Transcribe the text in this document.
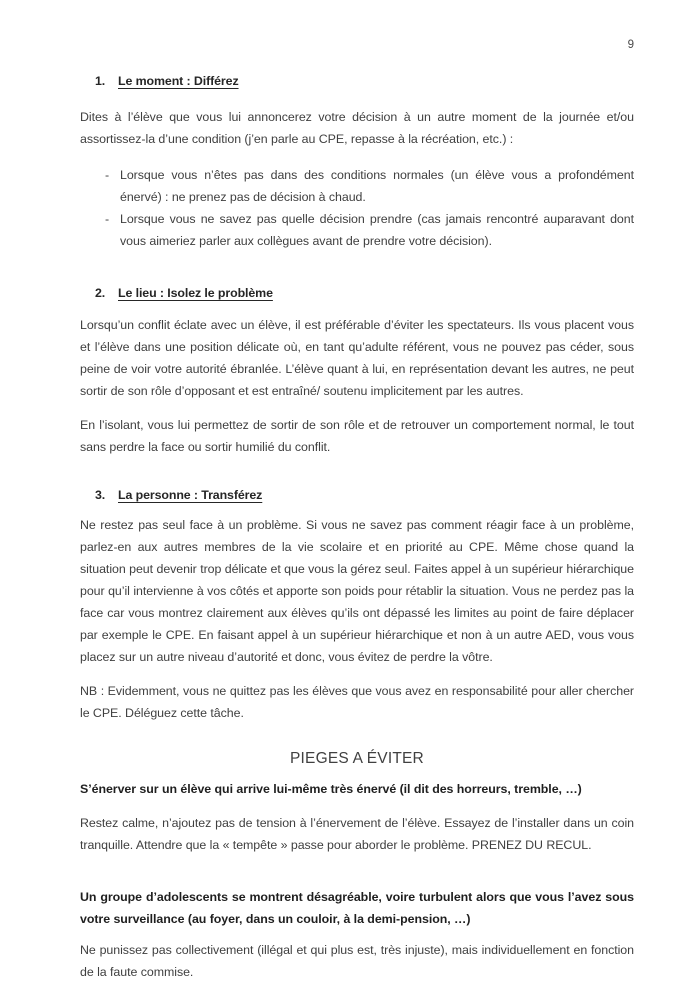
9
1.	Le moment : Différez

Dites à l’élève que vous lui annoncerez votre décision à un autre moment de la journée et/ou assortissez-la d’une condition (j’en parle au CPE, repasse à la récréation, etc.) :

- Lorsque vous n’êtes pas dans des conditions normales (un élève vous a profondément énervé) : ne prenez pas de décision à chaud.
- Lorsque vous ne savez pas quelle décision prendre (cas jamais rencontré auparavant dont vous aimeriez parler aux collègues avant de prendre votre décision).
2.	Le lieu : Isolez le problème

Lorsqu’un conflit éclate avec un élève, il est préférable d’éviter les spectateurs. Ils vous placent vous et l’élève dans une position délicate où, en tant qu’adulte référent, vous ne pouvez pas céder, sous peine de voir votre autorité ébranlée. L’élève quant à lui, en représentation devant les autres, ne peut sortir de son rôle d’opposant et est entraîné/ soutenu implicitement par les autres.

En l’isolant, vous lui permettez de sortir de son rôle et de retrouver un comportement normal, le tout sans perdre la face ou sortir humilié du conflit.

3.	La personne : Transférez

Ne restez pas seul face à un problème. Si vous ne savez pas comment réagir face à un problème, parlez-en aux autres membres de la vie scolaire et en priorité au CPE. Même chose quand la situation peut devenir trop délicate et que vous la gérez seul. Faites appel à un supérieur hiérarchique pour qu’il intervienne à vos côtés et apporte son poids pour rétablir la situation. Vous ne perdez pas la face car vous montrez clairement aux élèves qu’ils ont dépassé les limites au point de faire déplacer par exemple le CPE. En faisant appel à un supérieur hiérarchique et non à un autre AED, vous vous placez sur un autre niveau d’autorité et donc, vous évitez de perdre la vôtre.

NB : Evidemment, vous ne quittez pas les élèves que vous avez en responsabilité pour aller chercher le CPE. Déléguez cette tâche.

PIEGES A ÉVITER

S’énerver sur un élève qui arrive lui-même très énervé (il dit des horreurs, tremble, …)

Restez calme, n’ajoutez pas de tension à l’énervement de l’élève. Essayez de l’installer dans un coin tranquille. Attendre que la « tempête » passe pour aborder le problème. PRENEZ DU RECUL.

Un groupe d’adolescents se montrent désagréable, voire turbulent alors que vous l’avez sous votre surveillance (au foyer, dans un couloir, à la demi-pension, …)

Ne punissez pas collectivement (illégal et qui plus est, très injuste), mais individuellement en fonction de la faute commise.
